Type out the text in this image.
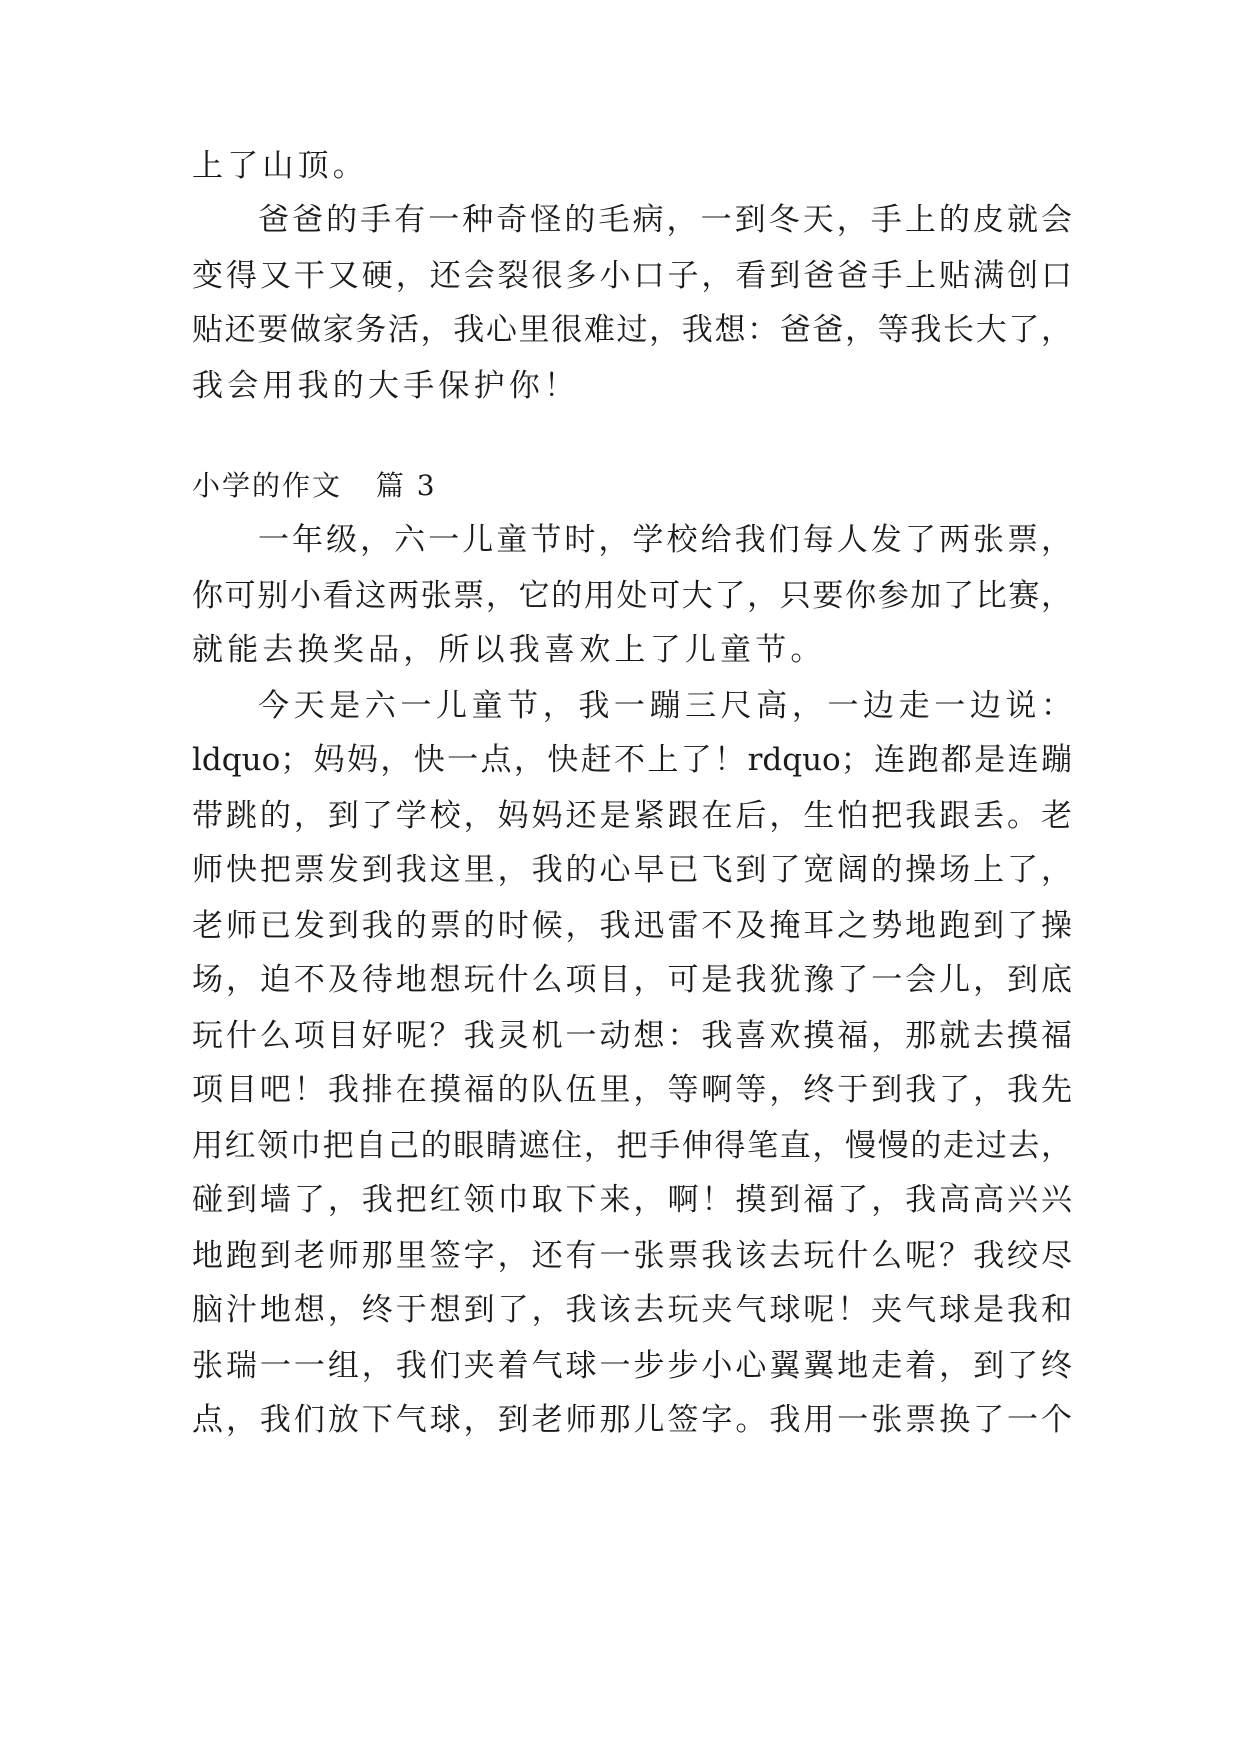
上了山顶。
爸爸的手有一种奇怪的毛病，一到冬天，手上的皮就会
变得又干又硬，还会裂很多小口子，看到爸爸手上贴满创口
贴还要做家务活，我心里很难过，我想：爸爸，等我长大了，
我会用我的大手保护你！
小学的作文 篇 3
一年级，六一儿童节时，学校给我们每人发了两张票，
你可别小看这两张票，它的用处可大了，只要你参加了比赛，
就能去换奖品，所以我喜欢上了儿童节。
今天是六一儿童节，我一蹦三尺高，一边走一边说：
ldquo；妈妈，快一点，快赶不上了！rdquo；连跑都是连蹦
带跳的，到了学校，妈妈还是紧跟在后，生怕把我跟丢。老
师快把票发到我这里，我的心早已飞到了宽阔的操场上了，
老师已发到我的票的时候，我迅雷不及掩耳之势地跑到了操
场，迫不及待地想玩什么项目，可是我犹豫了一会儿，到底
玩什么项目好呢？我灵机一动想：我喜欢摸福，那就去摸福
项目吧！我排在摸福的队伍里，等啊等，终于到我了，我先
用红领巾把自己的眼睛遮住，把手伸得笔直，慢慢的走过去，
碰到墙了，我把红领巾取下来，啊！摸到福了，我高高兴兴
地跑到老师那里签字，还有一张票我该去玩什么呢？我绞尽
脑汁地想，终于想到了，我该去玩夹气球呢！夹气球是我和
张瑞一一组，我们夹着气球一步步小心翼翼地走着，到了终
点，我们放下气球，到老师那儿签字。我用一张票换了一个
